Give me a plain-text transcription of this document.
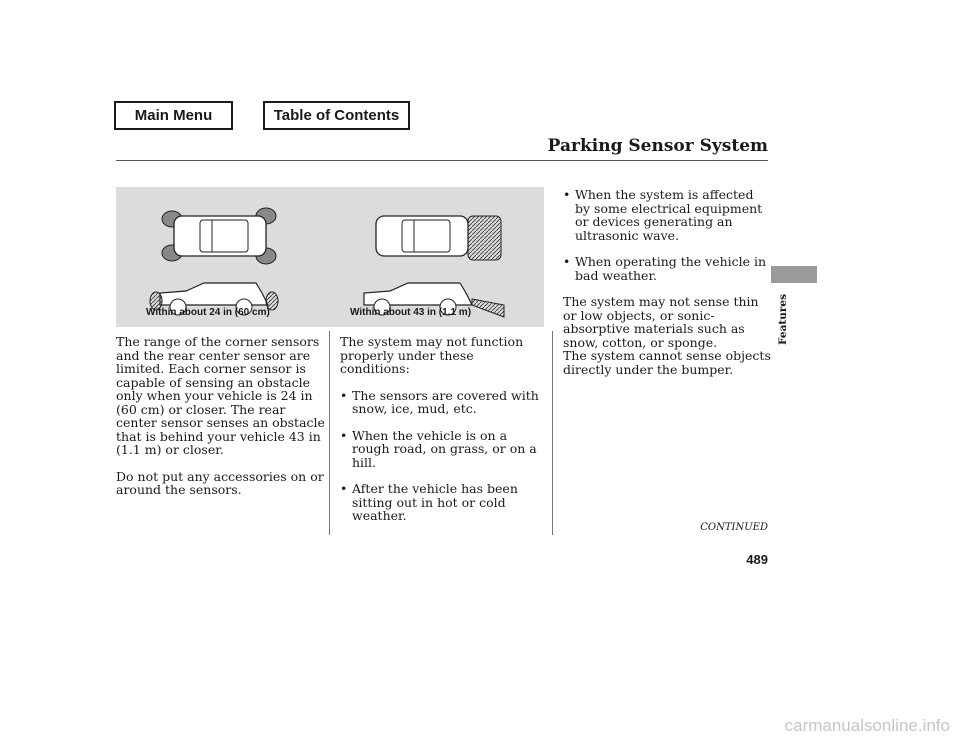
Main Menu	Table of Contents
Parking Sensor System
Within about 24 in (60 cm)	Within about 43 in (1.1 m)

The range of the corner sensors and the rear center sensor are limited. Each corner sensor is capable of sensing an obstacle only when your vehicle is 24 in (60 cm) or closer. The rear center sensor senses an obstacle that is behind your vehicle 43 in (1.1 m) or closer.

Do not put any accessories on or around the sensors.

The system may not function properly under these conditions:

• The sensors are covered with snow, ice, mud, etc.
• When the vehicle is on a rough road, on grass, or on a hill.
• After the vehicle has been sitting out in hot or cold weather.
• When the system is affected by some electrical equipment or devices generating an ultrasonic wave.
• When operating the vehicle in bad weather.

The system may not sense thin or low objects, or sonic-absorptive materials such as snow, cotton, or sponge.

The system cannot sense objects directly under the bumper.

CONTINUED
489
Features
carmanualsonline.info
